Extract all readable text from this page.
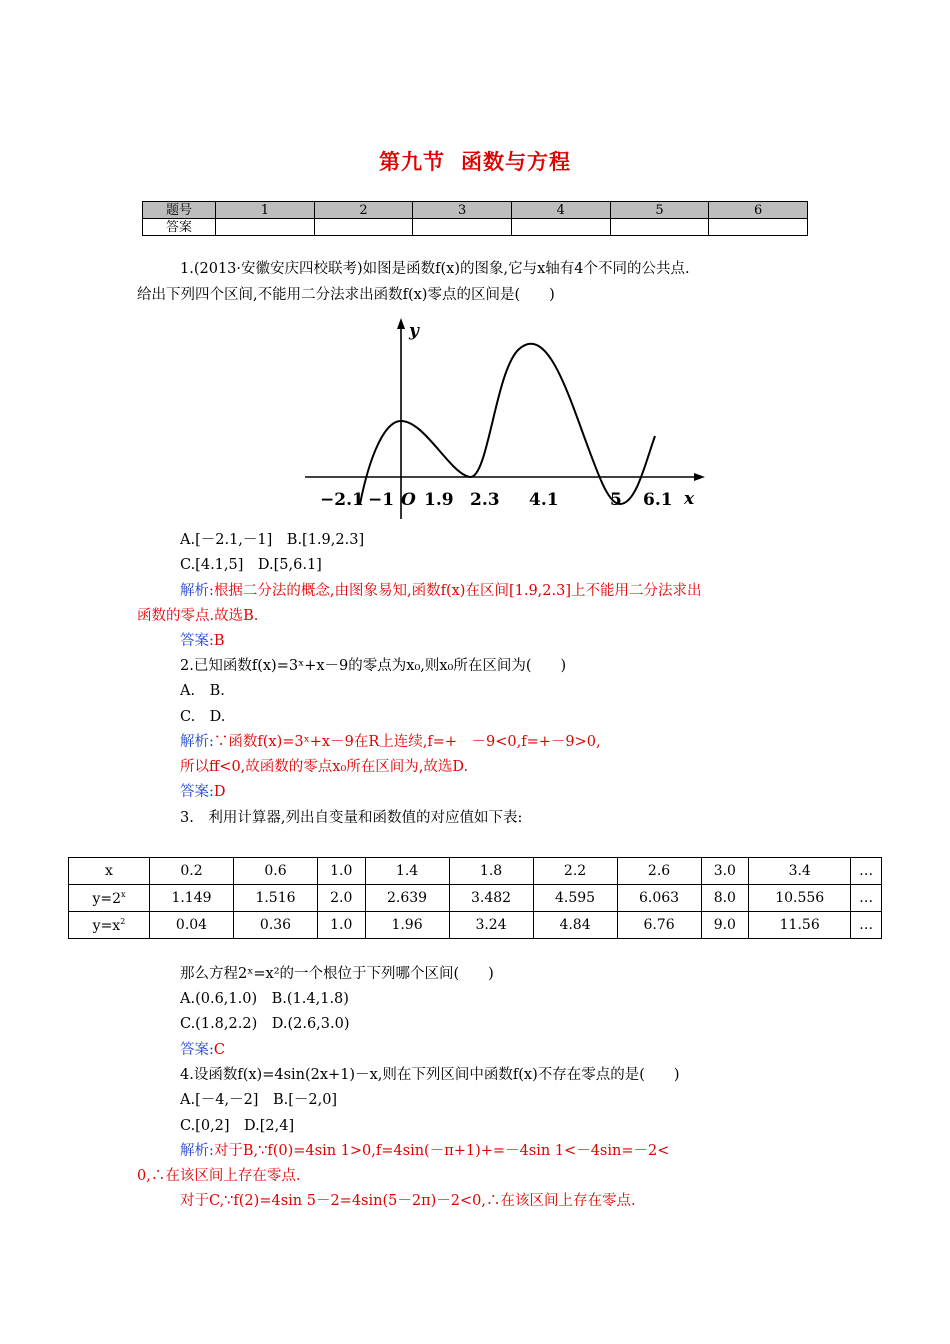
第九节 函数与方程
题号	1	2	3	4	5	6
答案						
1.(2013·安徽安庆四校联考)如图是函数f(x)的图象,它与x轴有4个不同的公共点.
给出下列四个区间,不能用二分法求出函数f(x)零点的区间是(　　)
y
O	x
−2.1 −1 1.9 2.3 4.1	5 6.1
A.[－2.1,－1]　B.[1.9,2.3]
C.[4.1,5]　D.[5,6.1]
解析:根据二分法的概念,由图象易知,函数f(x)在区间[1.9,2.3]上不能用二分法求出
函数的零点.故选B.
答案:B
2.已知函数f(x)=3ˣ+x－9的零点为x₀,则x₀所在区间为(　　)
A.　B.
C.　D.
解析:∵函数f(x)=3ˣ+x－9在R上连续,f=+　－9<0,f=+－9>0,
所以ff<0,故函数的零点x₀所在区间为,故选D.
答案:D
3.　利用计算器,列出自变量和函数值的对应值如下表:
x	0.2	0.6	1.0	1.4	1.8	2.2	2.6	3.0	3.4	…
$y=2^x$	1.149	1.516	2.0	2.639	3.482	4.595	6.063	8.0	10.556	…
$y=x^2$	0.04	0.36	1.0	1.96	3.24	4.84	6.76	9.0	11.56	…
那么方程2ˣ=x²的一个根位于下列哪个区间(　　)
A.(0.6,1.0)　B.(1.4,1.8)
C.(1.8,2.2)　D.(2.6,3.0)
答案:C
4.设函数f(x)=4sin(2x+1)－x,则在下列区间中函数f(x)不存在零点的是(　　)
A.[－4,－2]　B.[－2,0]
C.[0,2]　D.[2,4]
解析:对于B,∵f(0)=4sin 1>0,f=4sin(－π+1)+=－4sin 1<－4sin=－2<
0,∴在该区间上存在零点.
对于C,∵f(2)=4sin 5－2=4sin(5－2π)－2<0,∴在该区间上存在零点.
